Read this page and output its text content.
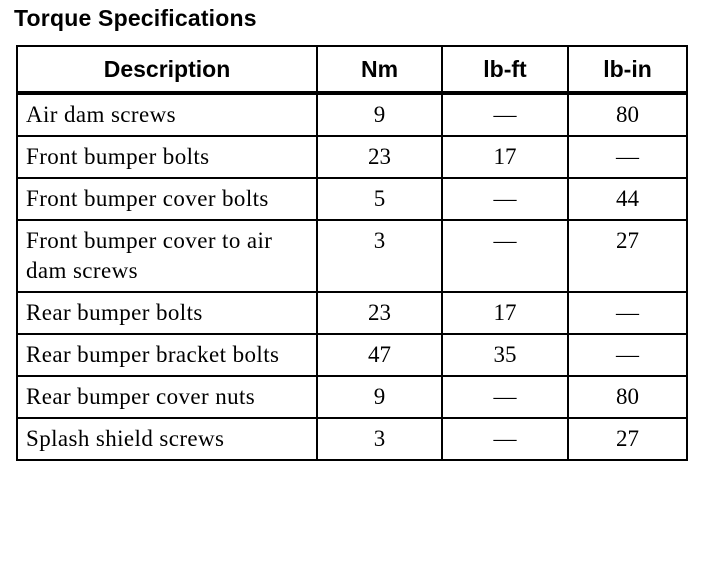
Torque Specifications
Description	Nm	lb-ft	lb-in
Air dam screws	9	—	80
Front bumper bolts	23	17	—
Front bumper cover bolts	5	—	44
Front bumper cover to air dam screws	3	—	27
Rear bumper bolts	23	17	—
Rear bumper bracket bolts	47	35	—
Rear bumper cover nuts	9	—	80
Splash shield screws	3	—	27
